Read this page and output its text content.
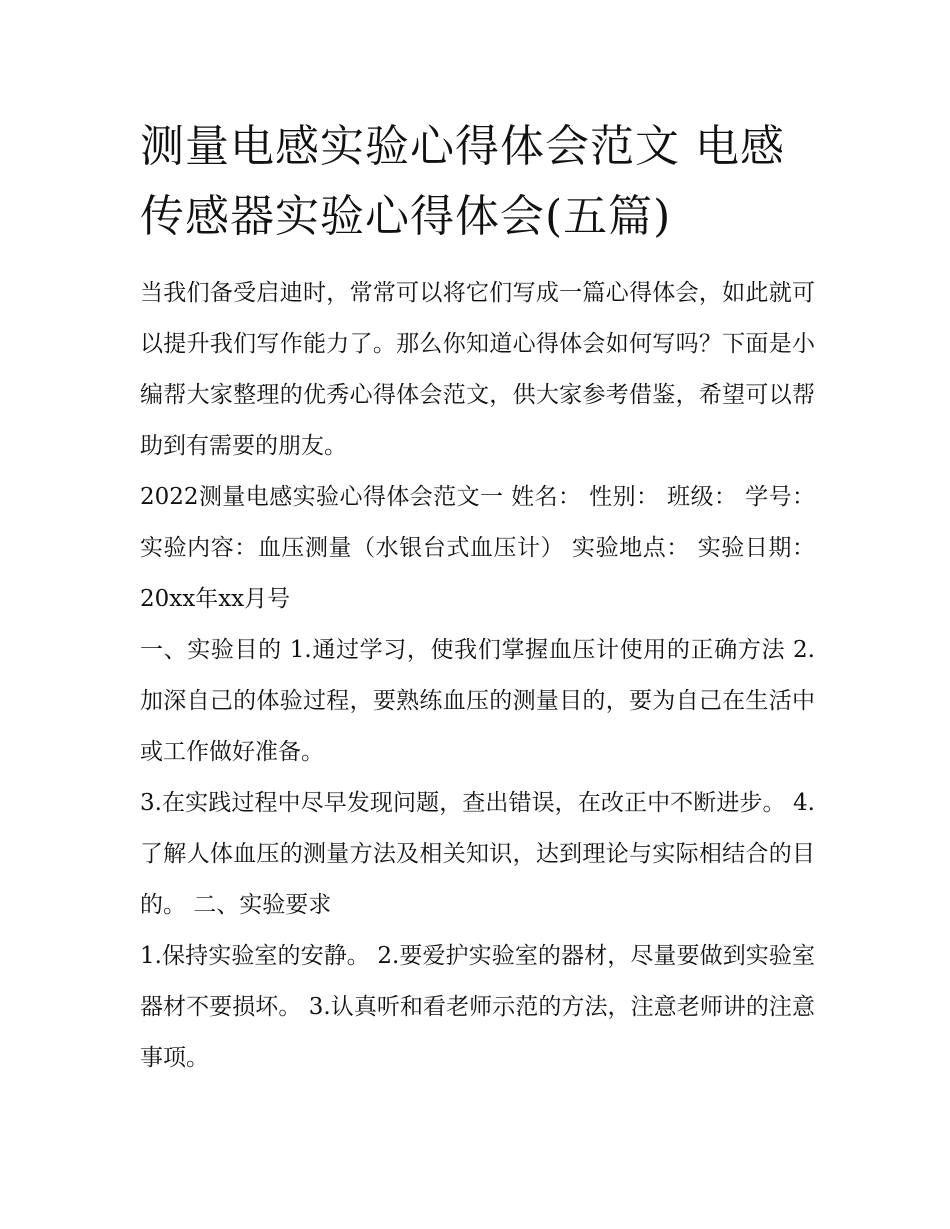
测量电感实验心得体会范文 电感传感器实验心得体会(五篇)

当我们备受启迪时，常常可以将它们写成一篇心得体会，如此就可以提升我们写作能力了。那么你知道心得体会如何写吗？下面是小编帮大家整理的优秀心得体会范文，供大家参考借鉴，希望可以帮助到有需要的朋友。

2022测量电感实验心得体会范文一 姓名： 性别： 班级： 学号： 实验内容：血压测量（水银台式血压计） 实验地点： 实验日期：20xx年xx月号

一、实验目的 1.通过学习，使我们掌握血压计使用的正确方法 2.加深自己的体验过程，要熟练血压的测量目的，要为自己在生活中或工作做好准备。

3.在实践过程中尽早发现问题，查出错误，在改正中不断进步。 4.了解人体血压的测量方法及相关知识，达到理论与实际相结合的目的。 二、实验要求

1.保持实验室的安静。 2.要爱护实验室的器材，尽量要做到实验室器材不要损坏。 3.认真听和看老师示范的方法，注意老师讲的注意事项。
